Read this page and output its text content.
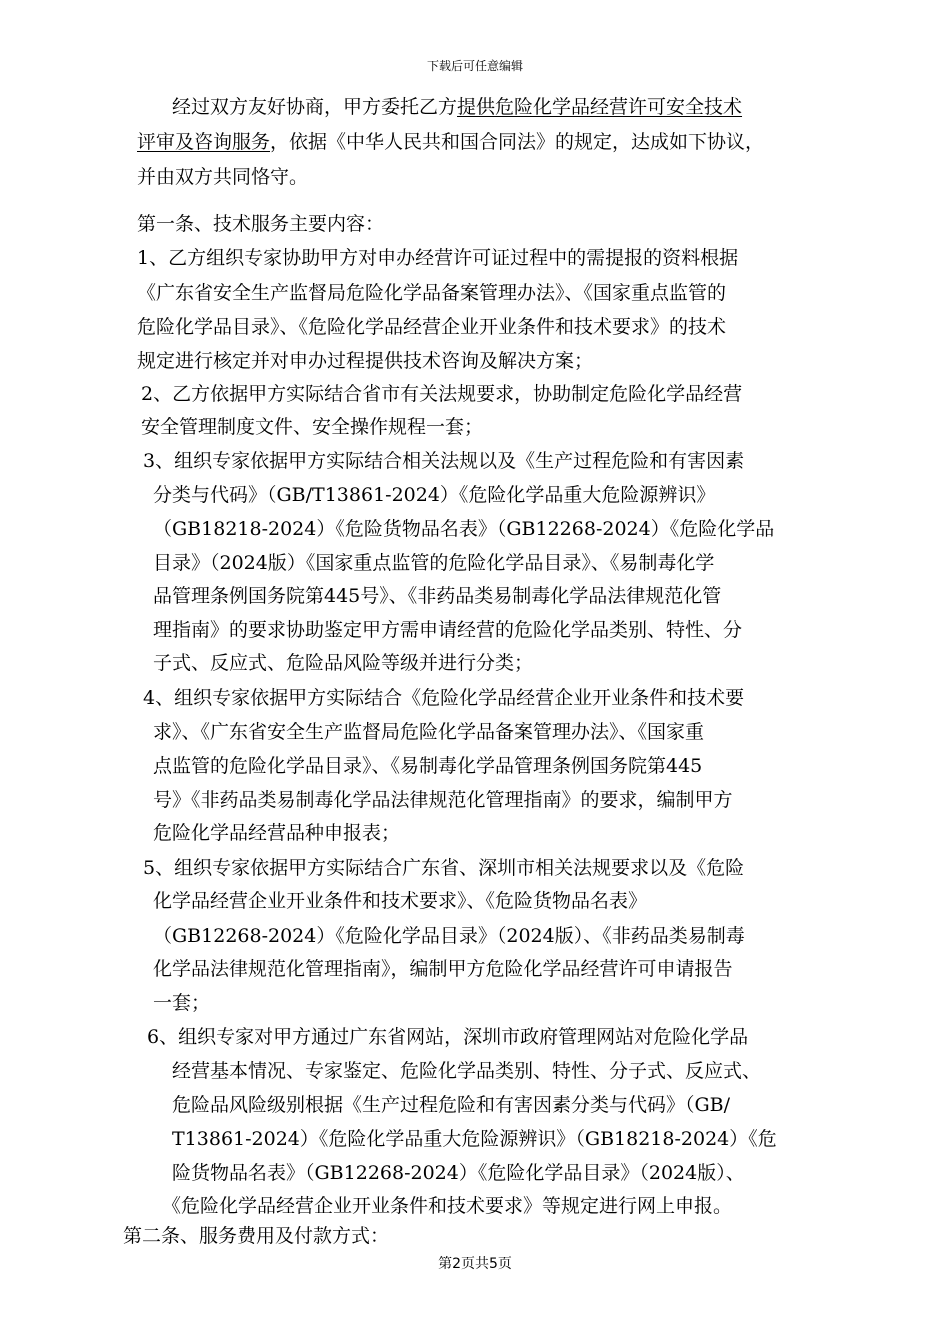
下载后可任意编辑
经过双方友好协商，甲方委托乙方提供危险化学品经营许可安全技术
评审及咨询服务，依据《中华人民共和国合同法》的规定，达成如下协议，
并由双方共同恪守。
第一条、技术服务主要内容：
1、乙方组织专家协助甲方对申办经营许可证过程中的需提报的资料根据
《广东省安全生产监督局危险化学品备案管理办法》、《国家重点监管的
危险化学品目录》、《危险化学品经营企业开业条件和技术要求》的技术
规定进行核定并对申办过程提供技术咨询及解决方案；
2、乙方依据甲方实际结合省市有关法规要求，协助制定危险化学品经营
安全管理制度文件、安全操作规程一套；
3、组织专家依据甲方实际结合相关法规以及《生产过程危险和有害因素
分类与代码》（GB/T13861-2024）《危险化学品重大危险源辨识》
（GB18218-2024）《危险货物品名表》（GB12268-2024）《危险化学品
目录》（2024版）《国家重点监管的危险化学品目录》、《易制毒化学
品管理条例国务院第445号》、《非药品类易制毒化学品法律规范化管
理指南》的要求协助鉴定甲方需申请经营的危险化学品类别、特性、分
子式、反应式、危险品风险等级并进行分类；
4、组织专家依据甲方实际结合《危险化学品经营企业开业条件和技术要
求》、《广东省安全生产监督局危险化学品备案管理办法》、《国家重
点监管的危险化学品目录》、《易制毒化学品管理条例国务院第445
号》《非药品类易制毒化学品法律规范化管理指南》的要求，编制甲方
危险化学品经营品种申报表；
5、组织专家依据甲方实际结合广东省、深圳市相关法规要求以及《危险
化学品经营企业开业条件和技术要求》、《危险货物品名表》
（GB12268-2024）《危险化学品目录》（2024版）、《非药品类易制毒
化学品法律规范化管理指南》，编制甲方危险化学品经营许可申请报告
一套；
6、组织专家对甲方通过广东省网站，深圳市政府管理网站对危险化学品
经营基本情况、专家鉴定、危险化学品类别、特性、分子式、反应式、
危险品风险级别根据《生产过程危险和有害因素分类与代码》（GB/
T13861-2024）《危险化学品重大危险源辨识》（GB18218-2024）《危
险货物品名表》（GB12268-2024）《危险化学品目录》（2024版）、
《危险化学品经营企业开业条件和技术要求》等规定进行网上申报。
第二条、服务费用及付款方式：
第2页共5页
